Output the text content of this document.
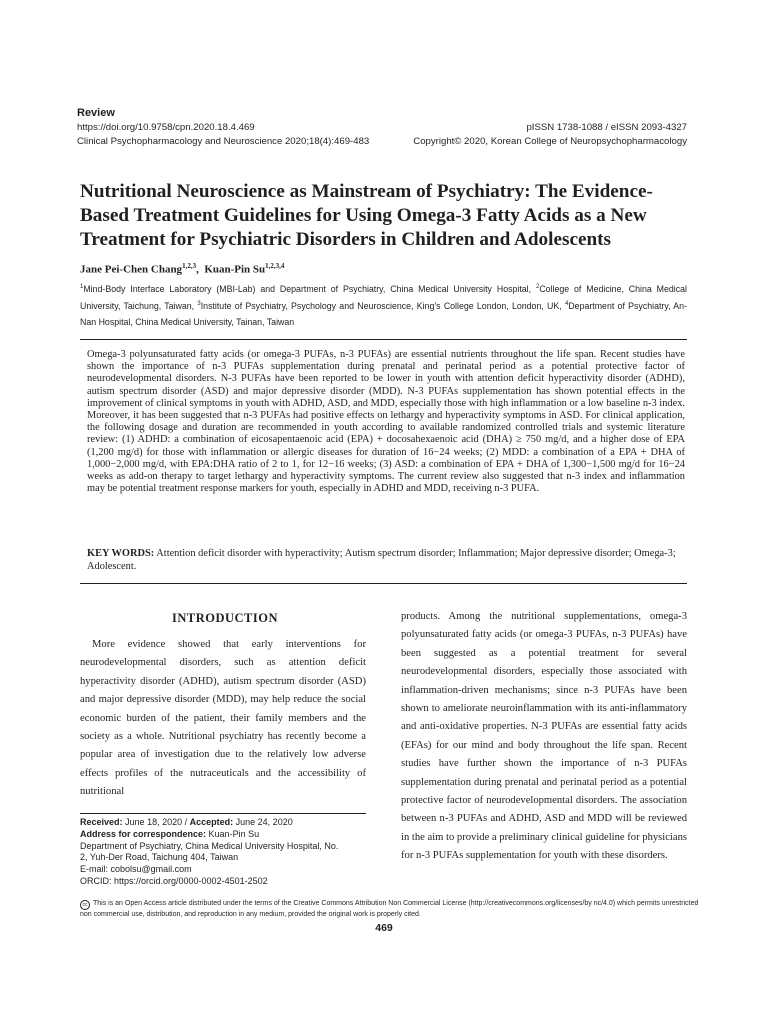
Review
https://doi.org/10.9758/cpn.2020.18.4.469
Clinical Psychopharmacology and Neuroscience 2020;18(4):469-483
pISSN 1738-1088 / eISSN 2093-4327
Copyright© 2020, Korean College of Neuropsychopharmacology
Nutritional Neuroscience as Mainstream of Psychiatry: The Evidence-Based Treatment Guidelines for Using Omega-3 Fatty Acids as a New Treatment for Psychiatric Disorders in Children and Adolescents
Jane Pei-Chen Chang$^{1,2,3}$,  Kuan-Pin Su$^{1,2,3,4}$
$^1$Mind-Body Interface Laboratory (MBI-Lab) and Department of Psychiatry, China Medical University Hospital, $^2$College of Medicine, China Medical University, Taichung, Taiwan, $^3$Institute of Psychiatry, Psychology and Neuroscience, King’s College London, London, UK, $^4$Department of Psychiatry, An-Nan Hospital, China Medical University, Tainan, Taiwan

Omega-3 polyunsaturated fatty acids (or omega-3 PUFAs, n-3 PUFAs) are essential nutrients throughout the life span. Recent studies have shown the importance of n-3 PUFAs supplementation during prenatal and perinatal period as a potential protective factor of neurodevelopmental disorders. N-3 PUFAs have been reported to be lower in youth with attention deficit hyperactivity disorder (ADHD), autism spectrum disorder (ASD) and major depressive disorder (MDD). N-3 PUFAs supplementation has shown potential effects in the improvement of clinical symptoms in youth with ADHD, ASD, and MDD, especially those with high inflammation or a low baseline n-3 index. Moreover, it has been suggested that n-3 PUFAs had positive effects on lethargy and hyperactivity symptoms in ASD. For clinical application, the following dosage and duration are recommended in youth according to available randomized controlled trials and systemic literature review: (1) ADHD: a combination of eicosapentaenoic acid (EPA) + docosahexaenoic acid (DHA) ≥ 750 mg/d, and a higher dose of EPA (1,200 mg/d) for those with inflammation or allergic diseases for duration of 16−24 weeks; (2) MDD: a combination of a EPA + DHA of 1,000−2,000 mg/d, with EPA:DHA ratio of 2 to 1, for 12−16 weeks; (3) ASD: a combination of EPA + DHA of 1,300−1,500 mg/d for 16−24 weeks as add-on therapy to target lethargy and hyperactivity symptoms. The current review also suggested that n-3 index and inflammation may be potential treatment response markers for youth, especially in ADHD and MDD, receiving n-3 PUFA.

KEY WORDS: Attention deficit disorder with hyperactivity; Autism spectrum disorder; Inflammation; Major depressive disorder; Omega-3; Adolescent.

INTRODUCTION

More evidence showed that early interventions for neurodevelopmental disorders, such as attention deficit hyperactivity disorder (ADHD), autism spectrum disorder (ASD) and major depressive disorder (MDD), may help reduce the social economic burden of the patient, their family members and the society as a whole. Nutritional psychiatry has recently become a popular area of investigation due to the relatively low adverse effects profiles of the nutraceuticals and the accessibility of nutritional

products. Among the nutritional supplementations, omega-3 polyunsaturated fatty acids (or omega-3 PUFAs, n-3 PUFAs) have been suggested as a potential treatment for several neurodevelopmental disorders, especially those associated with inflammation-driven mechanisms; since n-3 PUFAs have been shown to ameliorate neuroinflammation with its anti-inflammatory and anti-oxidative properties. N-3 PUFAs are essential fatty acids (EFAs) for our mind and body throughout the life span. Recent studies have further shown the importance of n-3 PUFAs supplementation during prenatal and perinatal period as a potential protective factor of neurodevelopmental disorders. The association between n-3 PUFAs and ADHD, ASD and MDD will be reviewed in the aim to provide a preliminary clinical guideline for physicians for n-3 PUFAs supplementation for youth with these disorders.

Received: June 18, 2020 / Accepted: June 24, 2020
Address for correspondence: Kuan-Pin Su
Department of Psychiatry, China Medical University Hospital, No.
2, Yuh-Der Road, Taichung 404, Taiwan
E-mail: cobolsu@gmail.com
ORCID: https://orcid.org/0000-0002-4501-2502
cc This is an Open Access article distributed under the terms of the Creative Commons Attribution Non Commercial License (http://creativecommons.org/licenses/by nc/4.0) which permits unrestricted non commercial use, distribution, and reproduction in any medium, provided the original work is properly cited.
469
